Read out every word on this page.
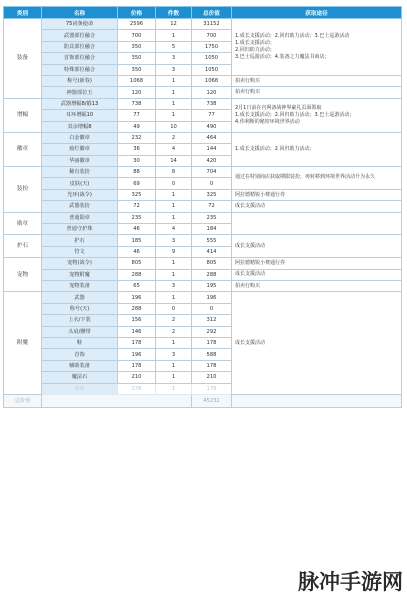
类别	名称	价格	件数	总价值	获取途径
装备	75词条使命	2596	12	31152	1.成长支援活动；2.回归助力活动；3.巴士巡游活动
1.成长支援活动；
2.回归助力活动；
3.巴士巡游活动；4.装备之力魔法书商店；
	武器部位融合	700	1	700	
	防具部位融合	350	5	1750	
	首饰部位融合	350	3	1050	
	特殊部位融合	350	3	1050	
	称号(新春)	1068	1	1068	拍卖行购买
	神器部位玉	120	1	120	拍卖行购买
增幅	武器增幅8/锻13	738	1	738	2月1日前在官网备战神界豪礼页面领取
1.成长支援活动；2.回归助力活动；3.巴士巡游活动；
4.伟利斯的秘密环境世界活动
	耳环增幅10	77	1	77	
	其余增幅8	49	10	490	
徽章	白金徽章	232	2	464	1.成长支援活动；2.回归助力活动；
	灿烂徽章	36	4	144	
	华丽徽章	30	14	420	
装扮	稀有装扮	88	8	704	通过在特别商店获取期限装扮，再转移到环境世界活动升为永久
	皮肤(天)	69	0	0	
	光环(战令)	325	1	325	阿拉德精锐小赛通行券
	武器装扮	72	1	72	成长支援活动
勋章	普通勋章	235	1	235	
	普通守护珠	46	4	184	
护石	护石	185	3	555	成长支援活动
	符文	46	9	414	
宠物	宠物(战令)	805	1	805	阿拉德精锐小赛通行券
	宠物附魔	288	1	288	成长支援活动
	宠物装备	65	3	195	拍卖行购买
附魔	武器	196	1	196	成长支援活动
	称号(天)	288	0	0	
	上衣/下装	156	2	312	
	头肩/腰带	146	2	292	
	鞋	178	1	178	
	首饰	196	3	588	
	辅助装备	178	1	178	
	魔法石	210	1	210	
	耳环	178	1	178	
总价值				45232	
脉冲手游网
